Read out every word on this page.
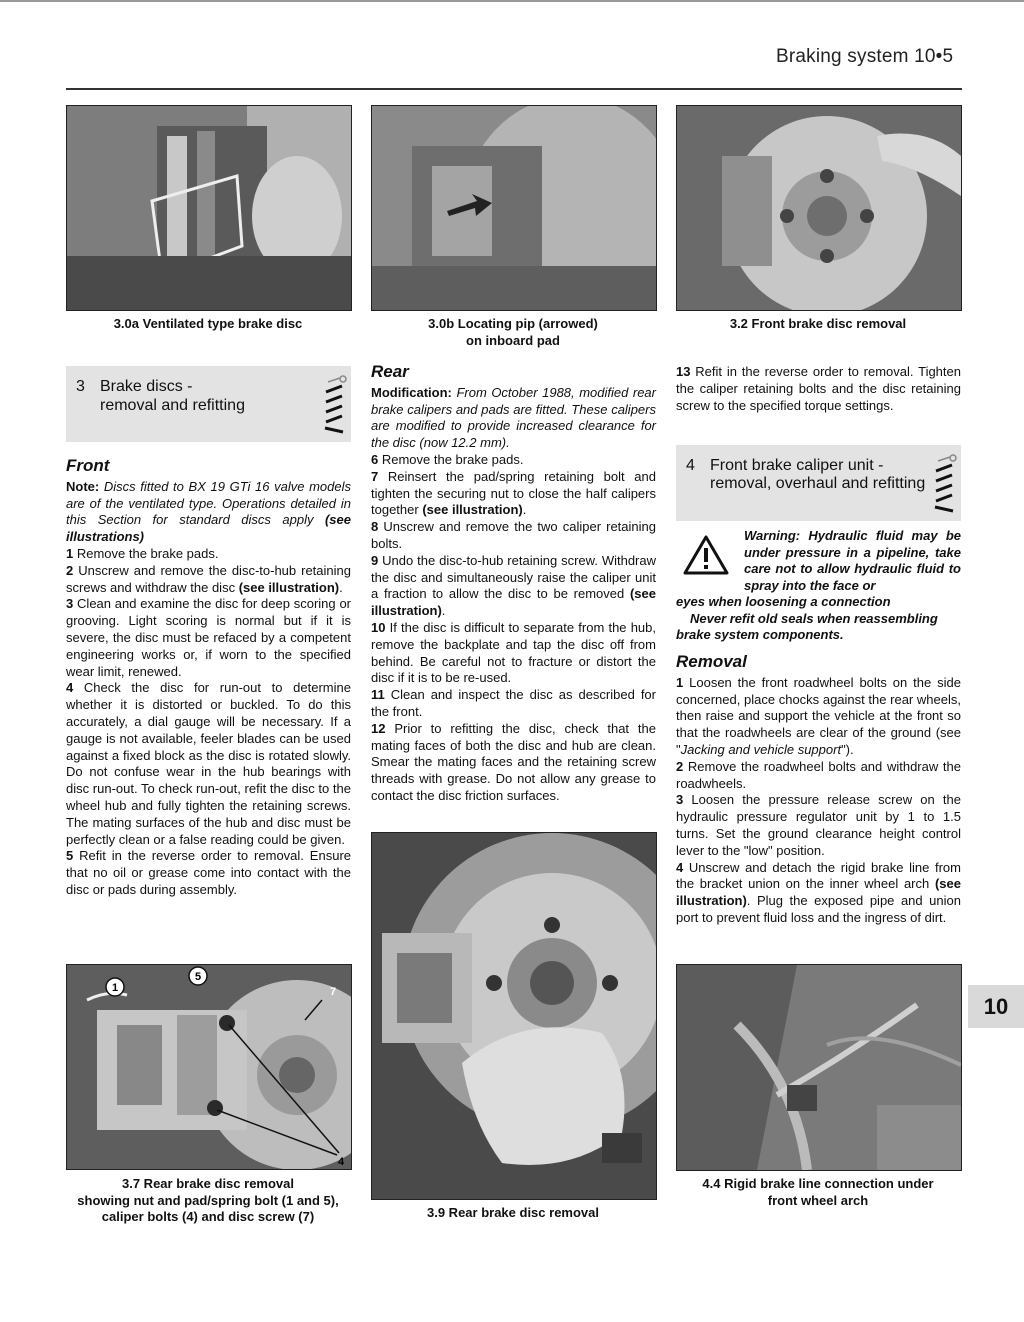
Braking system 10•5
3.0a Ventilated type brake disc	3.0b Locating pip (arrowed)
on inboard pad
3.2 Front brake disc removal
3 Brake discs -
removal and refitting
Front

Note: Discs fitted to BX 19 GTi 16 valve models are of the ventilated type. Operations detailed in this Section for standard discs apply (see illustrations)

1 Remove the brake pads.

2 Unscrew and remove the disc-to-hub retaining screws and withdraw the disc (see illustration).

3 Clean and examine the disc for deep scoring or grooving. Light scoring is normal but if it is severe, the disc must be refaced by a competent engineering works or, if worn to the specified wear limit, renewed.

4 Check the disc for run-out to determine whether it is distorted or buckled. To do this accurately, a dial gauge will be necessary. If a gauge is not available, feeler blades can be used against a fixed block as the disc is rotated slowly. Do not confuse wear in the hub bearings with disc run-out. To check run-out, refit the disc to the wheel hub and fully tighten the retaining screws. The mating surfaces of the hub and disc must be perfectly clean or a false reading could be given.

5 Refit in the reverse order to removal. Ensure that no oil or grease come into contact with the disc or pads during assembly.

Rear

Modification: From October 1988, modified rear brake calipers and pads are fitted. These calipers are modified to provide increased clearance for the disc (now 12.2 mm).

6 Remove the brake pads.

7 Reinsert the pad/spring retaining bolt and tighten the securing nut to close the half calipers together (see illustration).

8 Unscrew and remove the two caliper retaining bolts.

9 Undo the disc-to-hub retaining screw. Withdraw the disc and simultaneously raise the caliper unit a fraction to allow the disc to be removed (see illustration).

10 If the disc is difficult to separate from the hub, remove the backplate and tap the disc off from behind. Be careful not to fracture or distort the disc if it is to be re-used.

11 Clean and inspect the disc as described for the front.

12 Prior to refitting the disc, check that the mating faces of both the disc and hub are clean. Smear the mating faces and the retaining screw threads with grease. Do not allow any grease to contact the disc friction surfaces.

13 Refit in the reverse order to removal. Tighten the caliper retaining bolts and the disc retaining screw to the specified torque settings.

4 Front brake caliper unit -
removal, overhaul and refitting
Warning: Hydraulic fluid may be under pressure in a pipeline, take care not to allow hydraulic fluid to spray into the face or
eyes when loosening a connection
Never refit old seals when reassembling brake system components.
Removal

1 Loosen the front roadwheel bolts on the side concerned, place chocks against the rear wheels, then raise and support the vehicle at the front so that the roadwheels are clear of the ground (see "Jacking and vehicle support").

2 Remove the roadwheel bolts and withdraw the roadwheels.

3 Loosen the pressure release screw on the hydraulic pressure regulator unit by 1 to 1.5 turns. Set the ground clearance height control lever to the "low" position.

4 Unscrew and detach the rigid brake line from the bracket union on the inner wheel arch (see illustration). Plug the exposed pipe and union port to prevent fluid loss and the ingress of dirt.

3.9 Rear brake disc removal
1
5
7
4
3.7 Rear brake disc removal
showing nut and pad/spring bolt (1 and 5),
caliper bolts (4) and disc screw (7)
4.4 Rigid brake line connection under
front wheel arch
10
